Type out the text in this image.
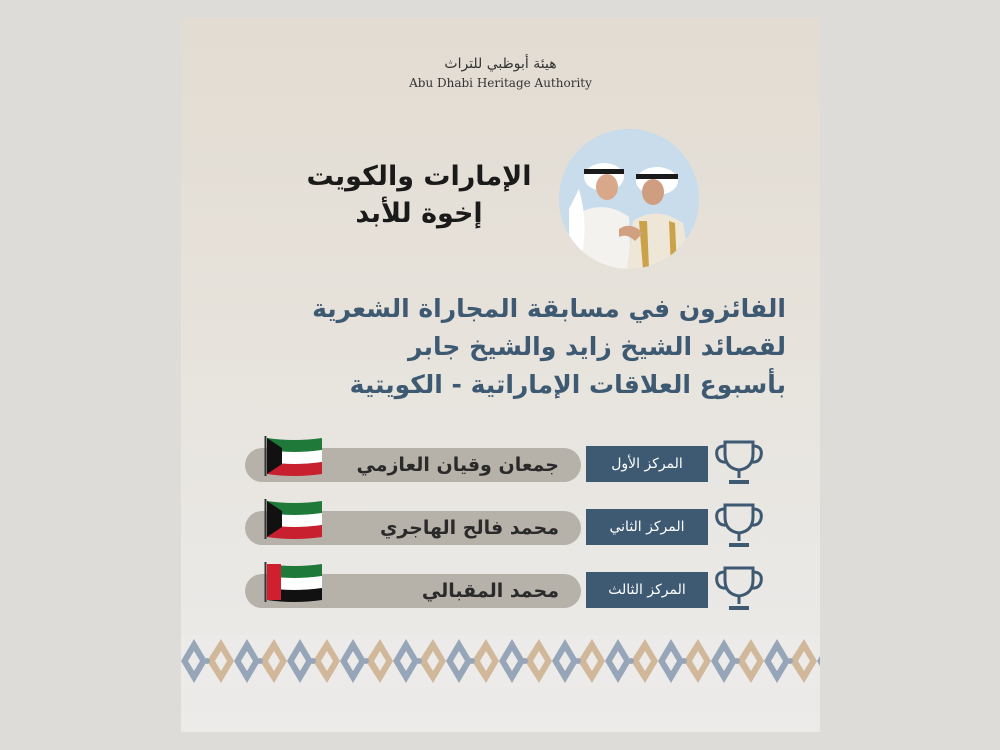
هيئة أبوظبي للتراث
Abu Dhabi Heritage Authority
الإمارات والكويت
إخوة للأبد
الفائزون في مسابقة المجاراة الشعرية
لقصائد الشيخ زايد والشيخ جابر
بأسبوع العلاقات الإماراتية - الكويتية
جمعان وقيان العازمي	المركز الأول
محمد فالح الهاجري	المركز الثاني
محمد المقبالي	المركز الثالث
